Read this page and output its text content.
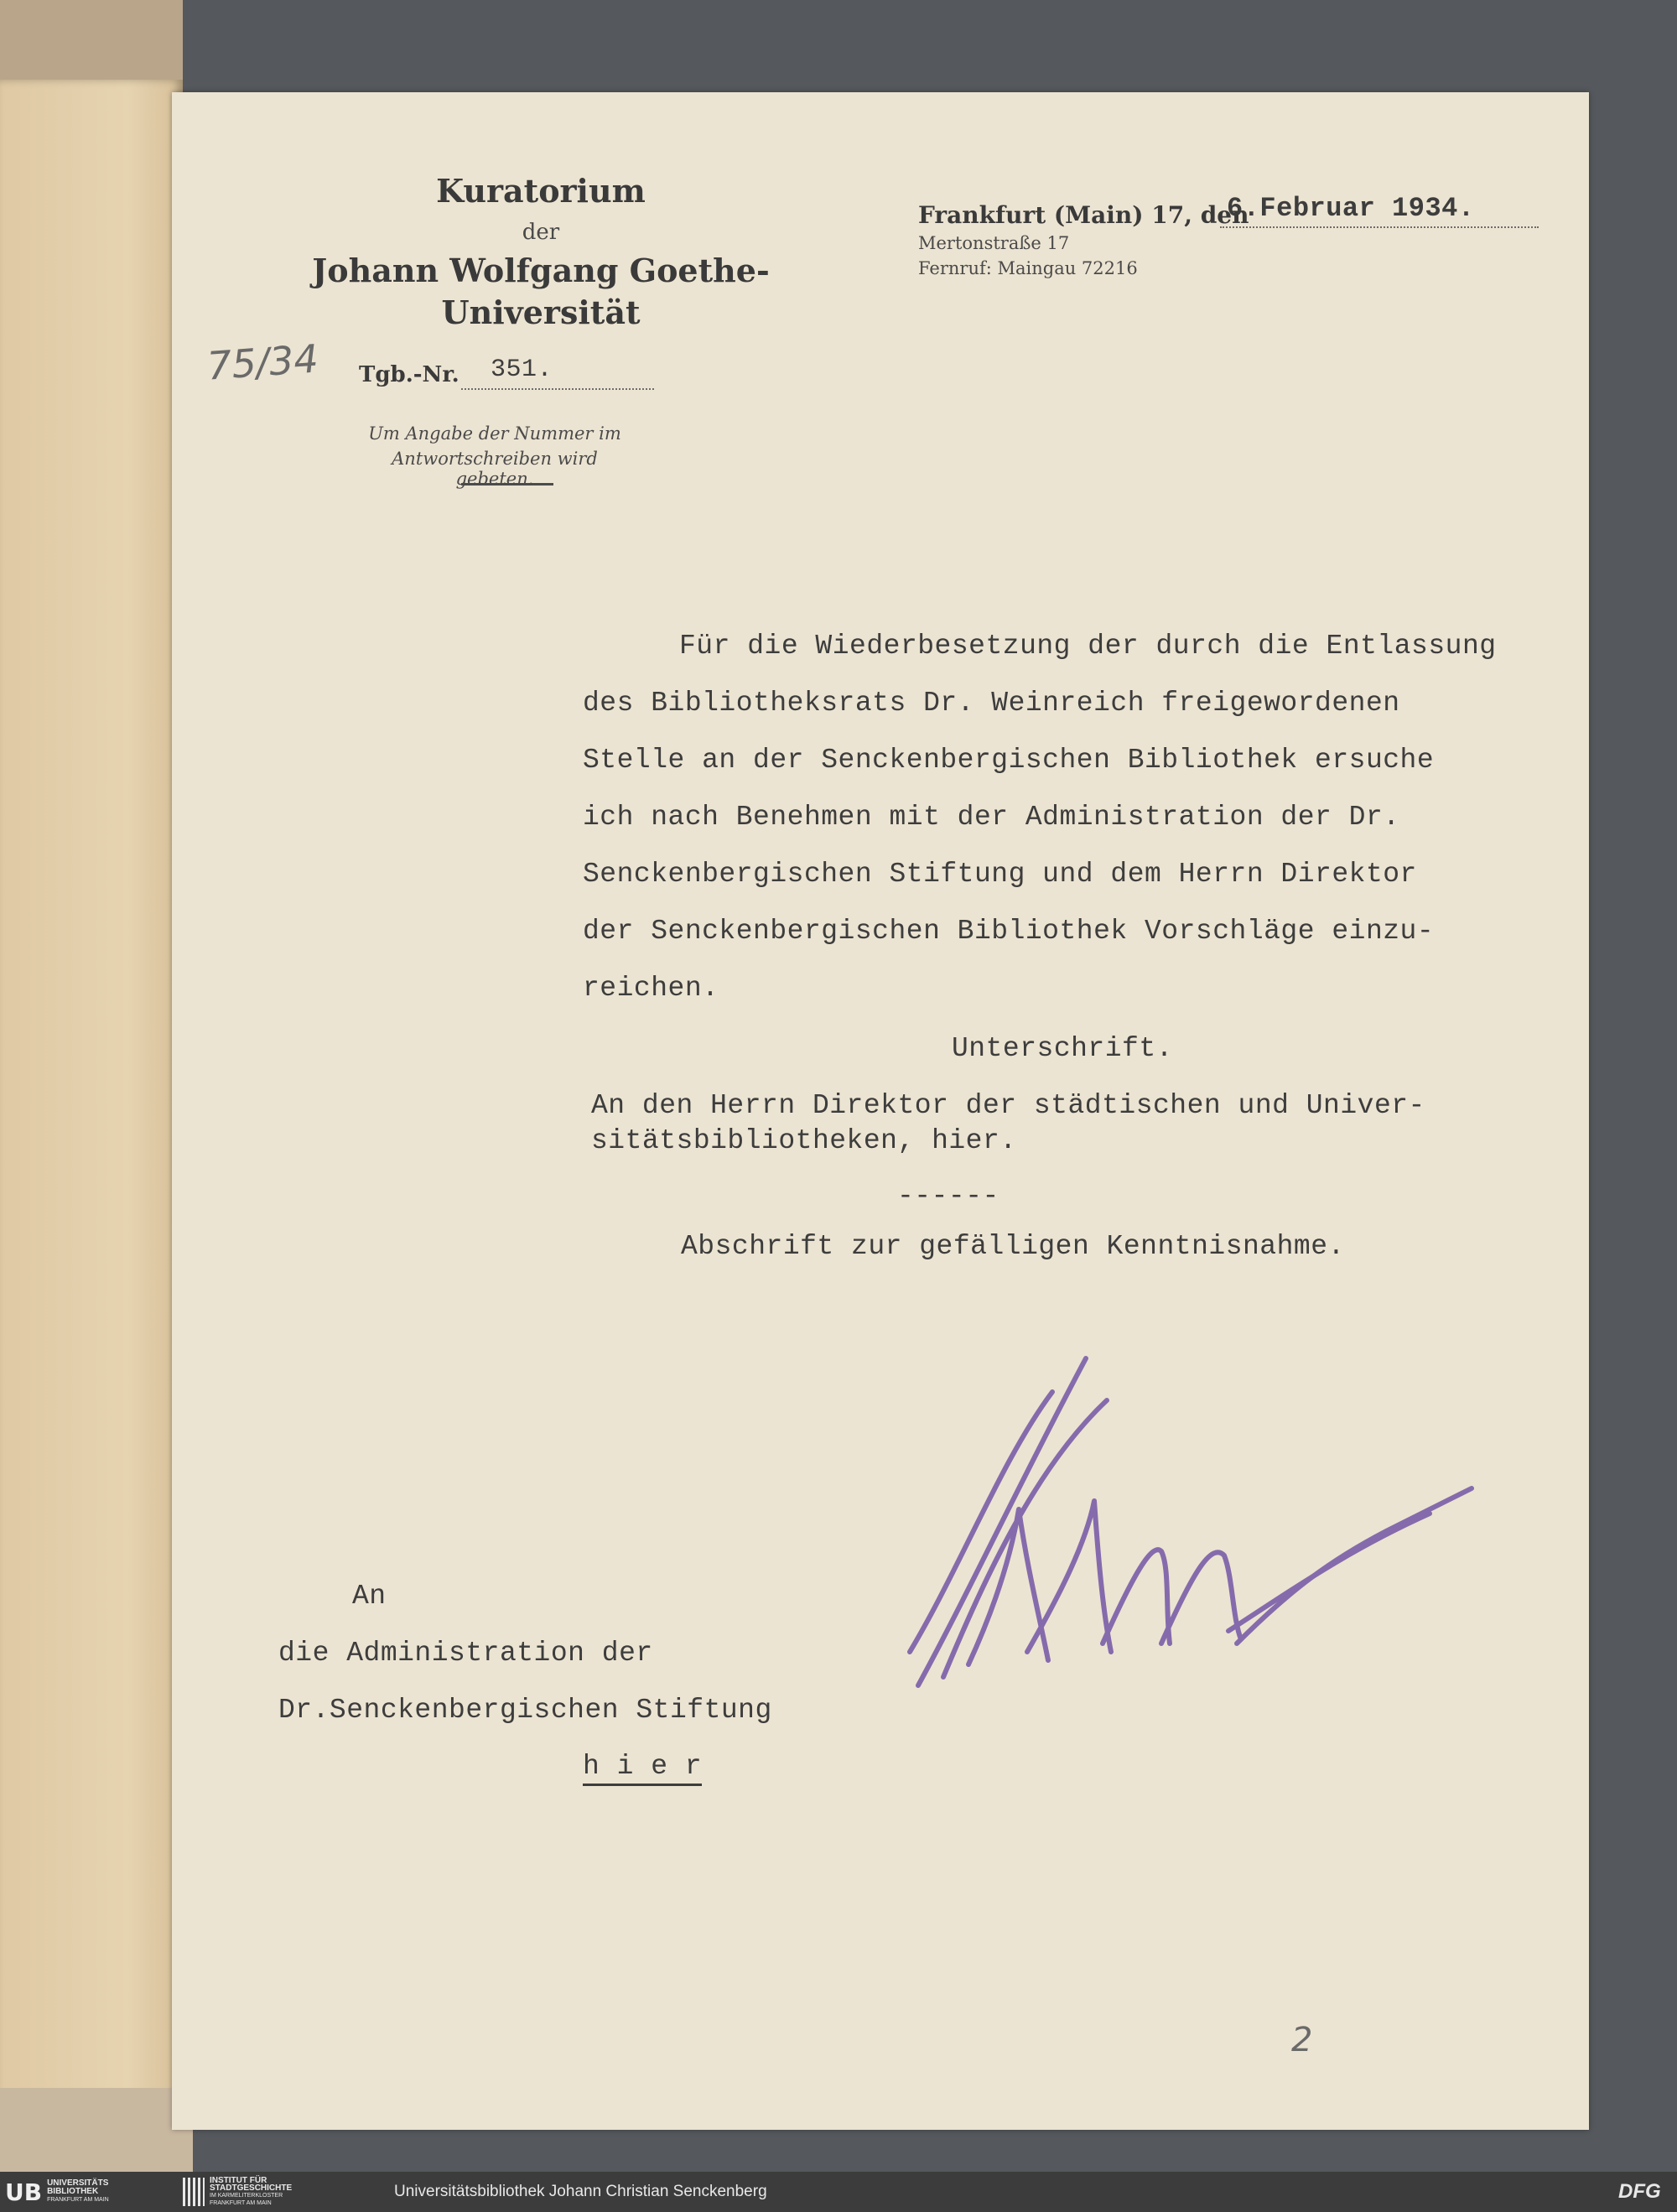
Kuratorium
der
Johann Wolfgang Goethe-
Universität
Tgb.-Nr. 351.
Um Angabe der Nummer im
Antwortschreiben wird gebeten.
Frankfurt (Main) 17, den
6.Februar 1934.
Mertonstraße 17
Fernruf: Maingau 72216
75/34
2
Für die Wiederbesetzung der durch die Entlassung
des Bibliotheksrats Dr. Weinreich freigewordenen
Stelle an der Senckenbergischen Bibliothek ersuche
ich nach Benehmen mit der Administration der Dr.
Senckenbergischen Stiftung und dem Herrn Direktor
der Senckenbergischen Bibliothek Vorschläge einzu-
reichen.
Unterschrift.
An den Herrn Direktor der städtischen und Univer-
sitätsbibliotheken, hier.
------
Abschrift zur gefälligen Kenntnisnahme.
An
die Administration der
Dr.Senckenbergischen Stiftung
h i e r
UB UNIVERSITÄTS
BIBLIOTHEK
FRANKFURT AM MAIN
INSTITUT FÜR
STADTGESCHICHTE
IM KARMELITERKLOSTER
FRANKFURT AM MAIN
Universitätsbibliothek Johann Christian Senckenberg	DFG
